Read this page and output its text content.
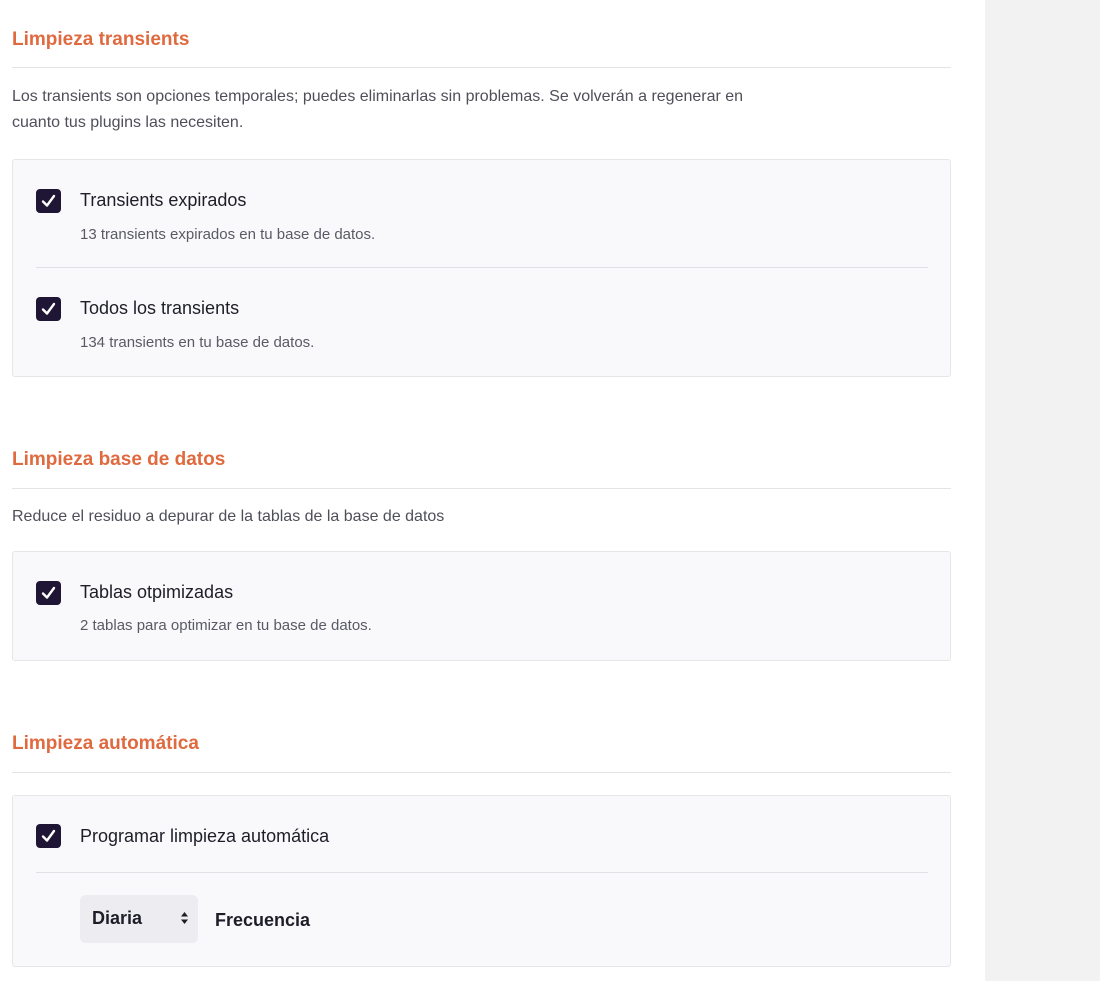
Limpieza transients
Los transients son opciones temporales; puedes eliminarlas sin problemas. Se volverán a regenerar en
cuanto tus plugins las necesiten.
Transients expirados
13 transients expirados en tu base de datos.
Todos los transients
134 transients en tu base de datos.
Limpieza base de datos
Reduce el residuo a depurar de la tablas de la base de datos
Tablas otpimizadas
2 tablas para optimizar en tu base de datos.
Limpieza automática
Programar limpieza automática
Diaria	Frecuencia
